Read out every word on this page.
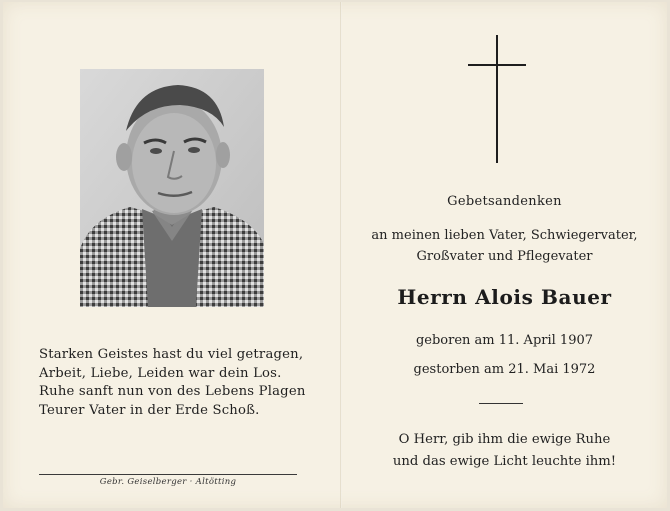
Starken Geistes hast du viel getragen,
Arbeit, Liebe, Leiden war dein Los.
Ruhe sanft nun von des Lebens Plagen
Teurer Vater in der Erde Schoß.
Gebr. Geiselberger · Altötting
Gebetsandenken
an meinen lieben Vater, Schwiegervater,
Großvater und Pflegevater
Herrn Alois Bauer
geboren am 11. April 1907
gestorben am 21. Mai 1972
O Herr, gib ihm die ewige Ruhe
und das ewige Licht leuchte ihm!
